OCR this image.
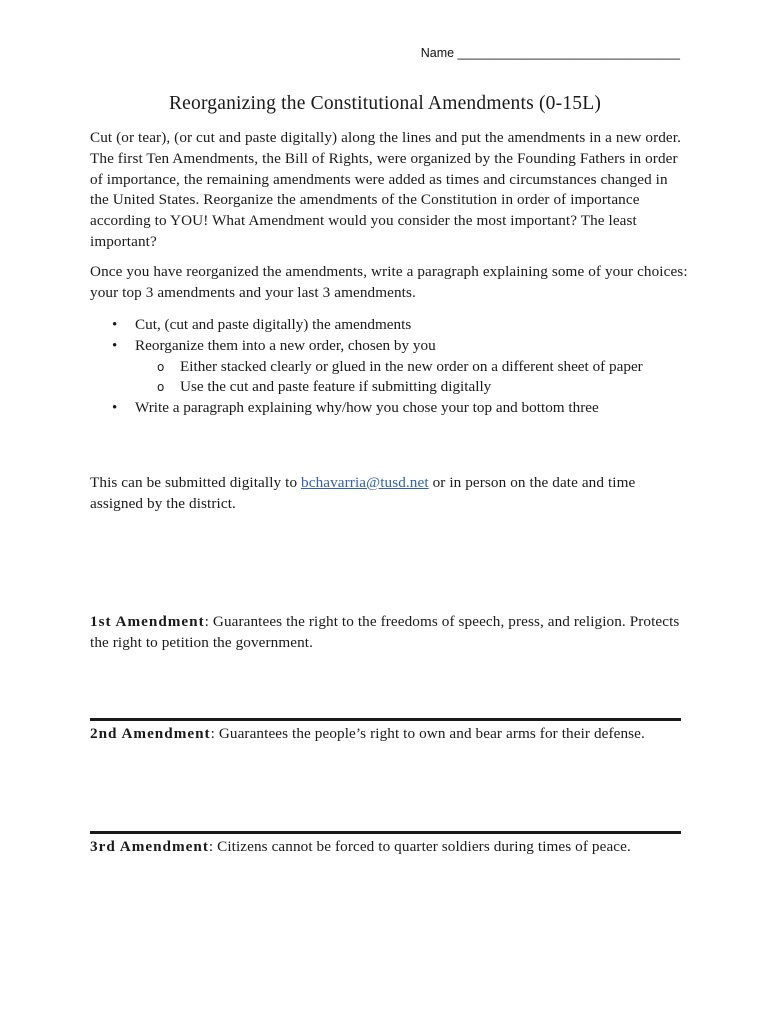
Name ________________________________
Reorganizing the Constitutional Amendments (0-15L)
Cut (or tear), (or cut and paste digitally) along the lines and put the amendments in a new order. The first Ten Amendments, the Bill of Rights, were organized by the Founding Fathers in order of importance, the remaining amendments were added as times and circumstances changed in the United States. Reorganize the amendments of the Constitution in order of importance according to YOU! What Amendment would you consider the most important? The least important?
Once you have reorganized the amendments, write a paragraph explaining some of your choices: your top 3 amendments and your last 3 amendments.
• Cut, (cut and paste digitally) the amendments
• Reorganize them into a new order, chosen by you
o Either stacked clearly or glued in the new order on a different sheet of paper
o Use the cut and paste feature if submitting digitally
• Write a paragraph explaining why/how you chose your top and bottom three
This can be submitted digitally to bchavarria@tusd.net or in person on the date and time assigned by the district.
1st Amendment: Guarantees the right to the freedoms of speech, press, and religion. Protects the right to petition the government.
2nd Amendment: Guarantees the people’s right to own and bear arms for their defense.
3rd Amendment: Citizens cannot be forced to quarter soldiers during times of peace.
